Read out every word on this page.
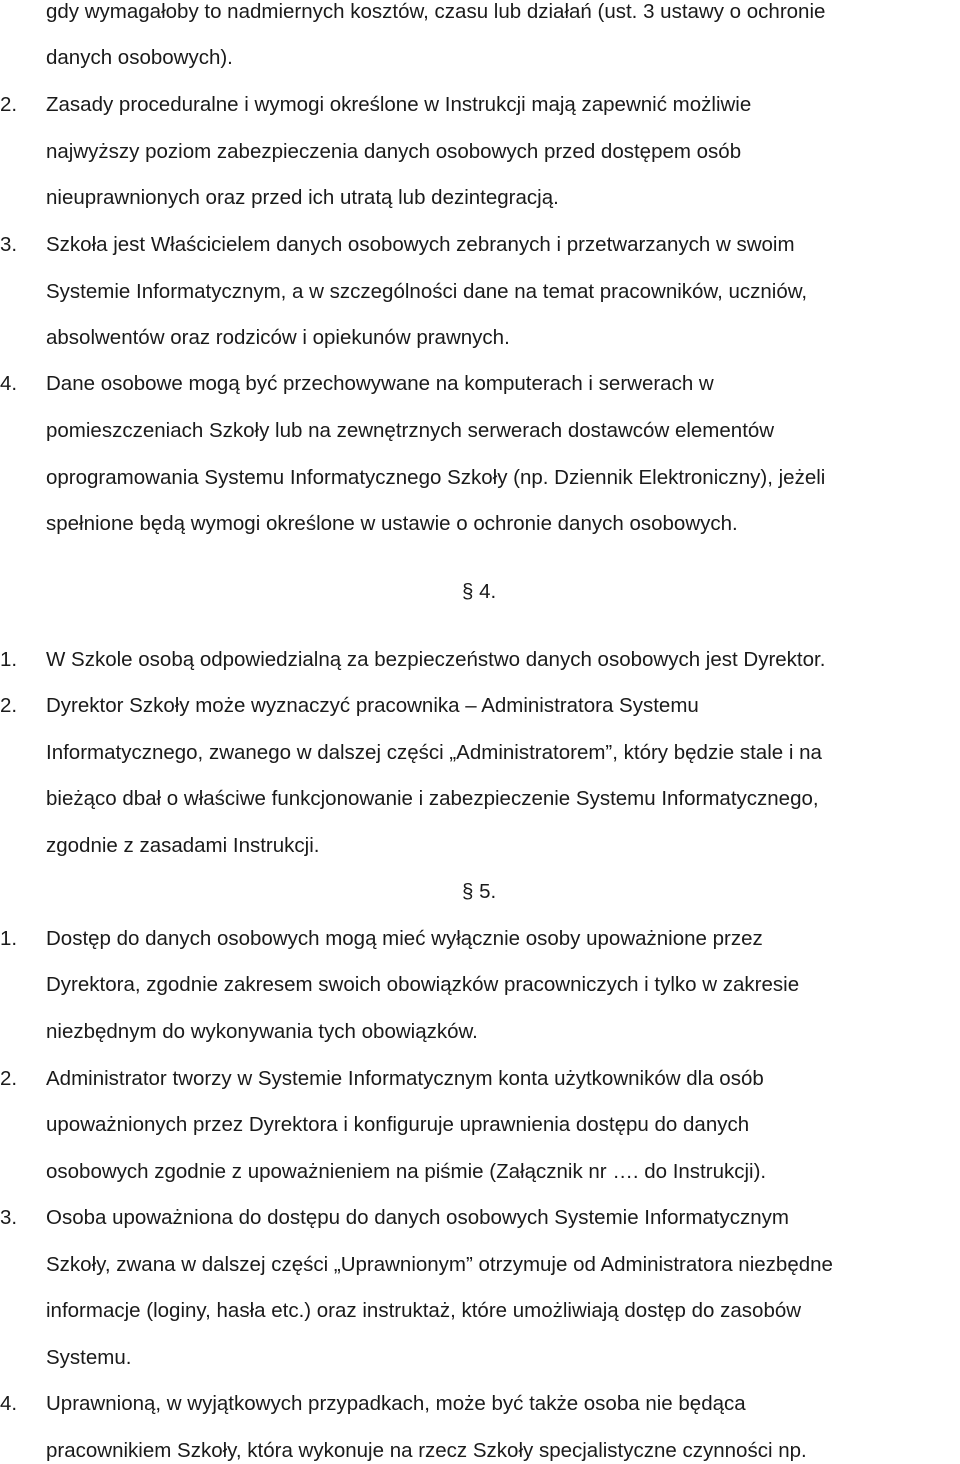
gdy wymagałoby to nadmiernych kosztów, czasu lub działań (ust. 3 ustawy o ochronie
danych osobowych).
2. Zasady proceduralne i wymogi określone w Instrukcji mają zapewnić możliwie
najwyższy poziom zabezpieczenia danych osobowych przed dostępem osób
nieuprawnionych oraz przed ich utratą lub dezintegracją.
3. Szkoła jest Właścicielem danych osobowych zebranych i przetwarzanych w swoim
Systemie Informatycznym, a w szczególności dane na temat pracowników, uczniów,
absolwentów oraz rodziców i opiekunów prawnych.
4. Dane osobowe mogą być przechowywane na komputerach i serwerach w
pomieszczeniach Szkoły lub na zewnętrznych serwerach dostawców elementów
oprogramowania Systemu Informatycznego Szkoły (np. Dziennik Elektroniczny), jeżeli
spełnione będą wymogi określone w ustawie o ochronie danych osobowych.
§ 4.
1. W Szkole osobą odpowiedzialną za bezpieczeństwo danych osobowych jest Dyrektor.
2. Dyrektor Szkoły może wyznaczyć pracownika – Administratora Systemu
Informatycznego, zwanego w dalszej części „Administratorem”, który będzie stale i na
bieżąco dbał o właściwe funkcjonowanie i zabezpieczenie Systemu Informatycznego,
zgodnie z zasadami Instrukcji.
§ 5.
1. Dostęp do danych osobowych mogą mieć wyłącznie osoby upoważnione przez
Dyrektora, zgodnie zakresem swoich obowiązków pracowniczych i tylko w zakresie
niezbędnym do wykonywania tych obowiązków.
2. Administrator tworzy w Systemie Informatycznym konta użytkowników dla osób
upoważnionych przez Dyrektora i konfiguruje uprawnienia dostępu do danych
osobowych zgodnie z upoważnieniem na piśmie (Załącznik nr …. do Instrukcji).
3. Osoba upoważniona do dostępu do danych osobowych Systemie Informatycznym
Szkoły, zwana w dalszej części „Uprawnionym” otrzymuje od Administratora niezbędne
informacje (loginy, hasła etc.) oraz instruktaż, które umożliwiają dostęp do zasobów
Systemu.
4. Uprawnioną, w wyjątkowych przypadkach, może być także osoba nie będąca
pracownikiem Szkoły, która wykonuje na rzecz Szkoły specjalistyczne czynności np.
